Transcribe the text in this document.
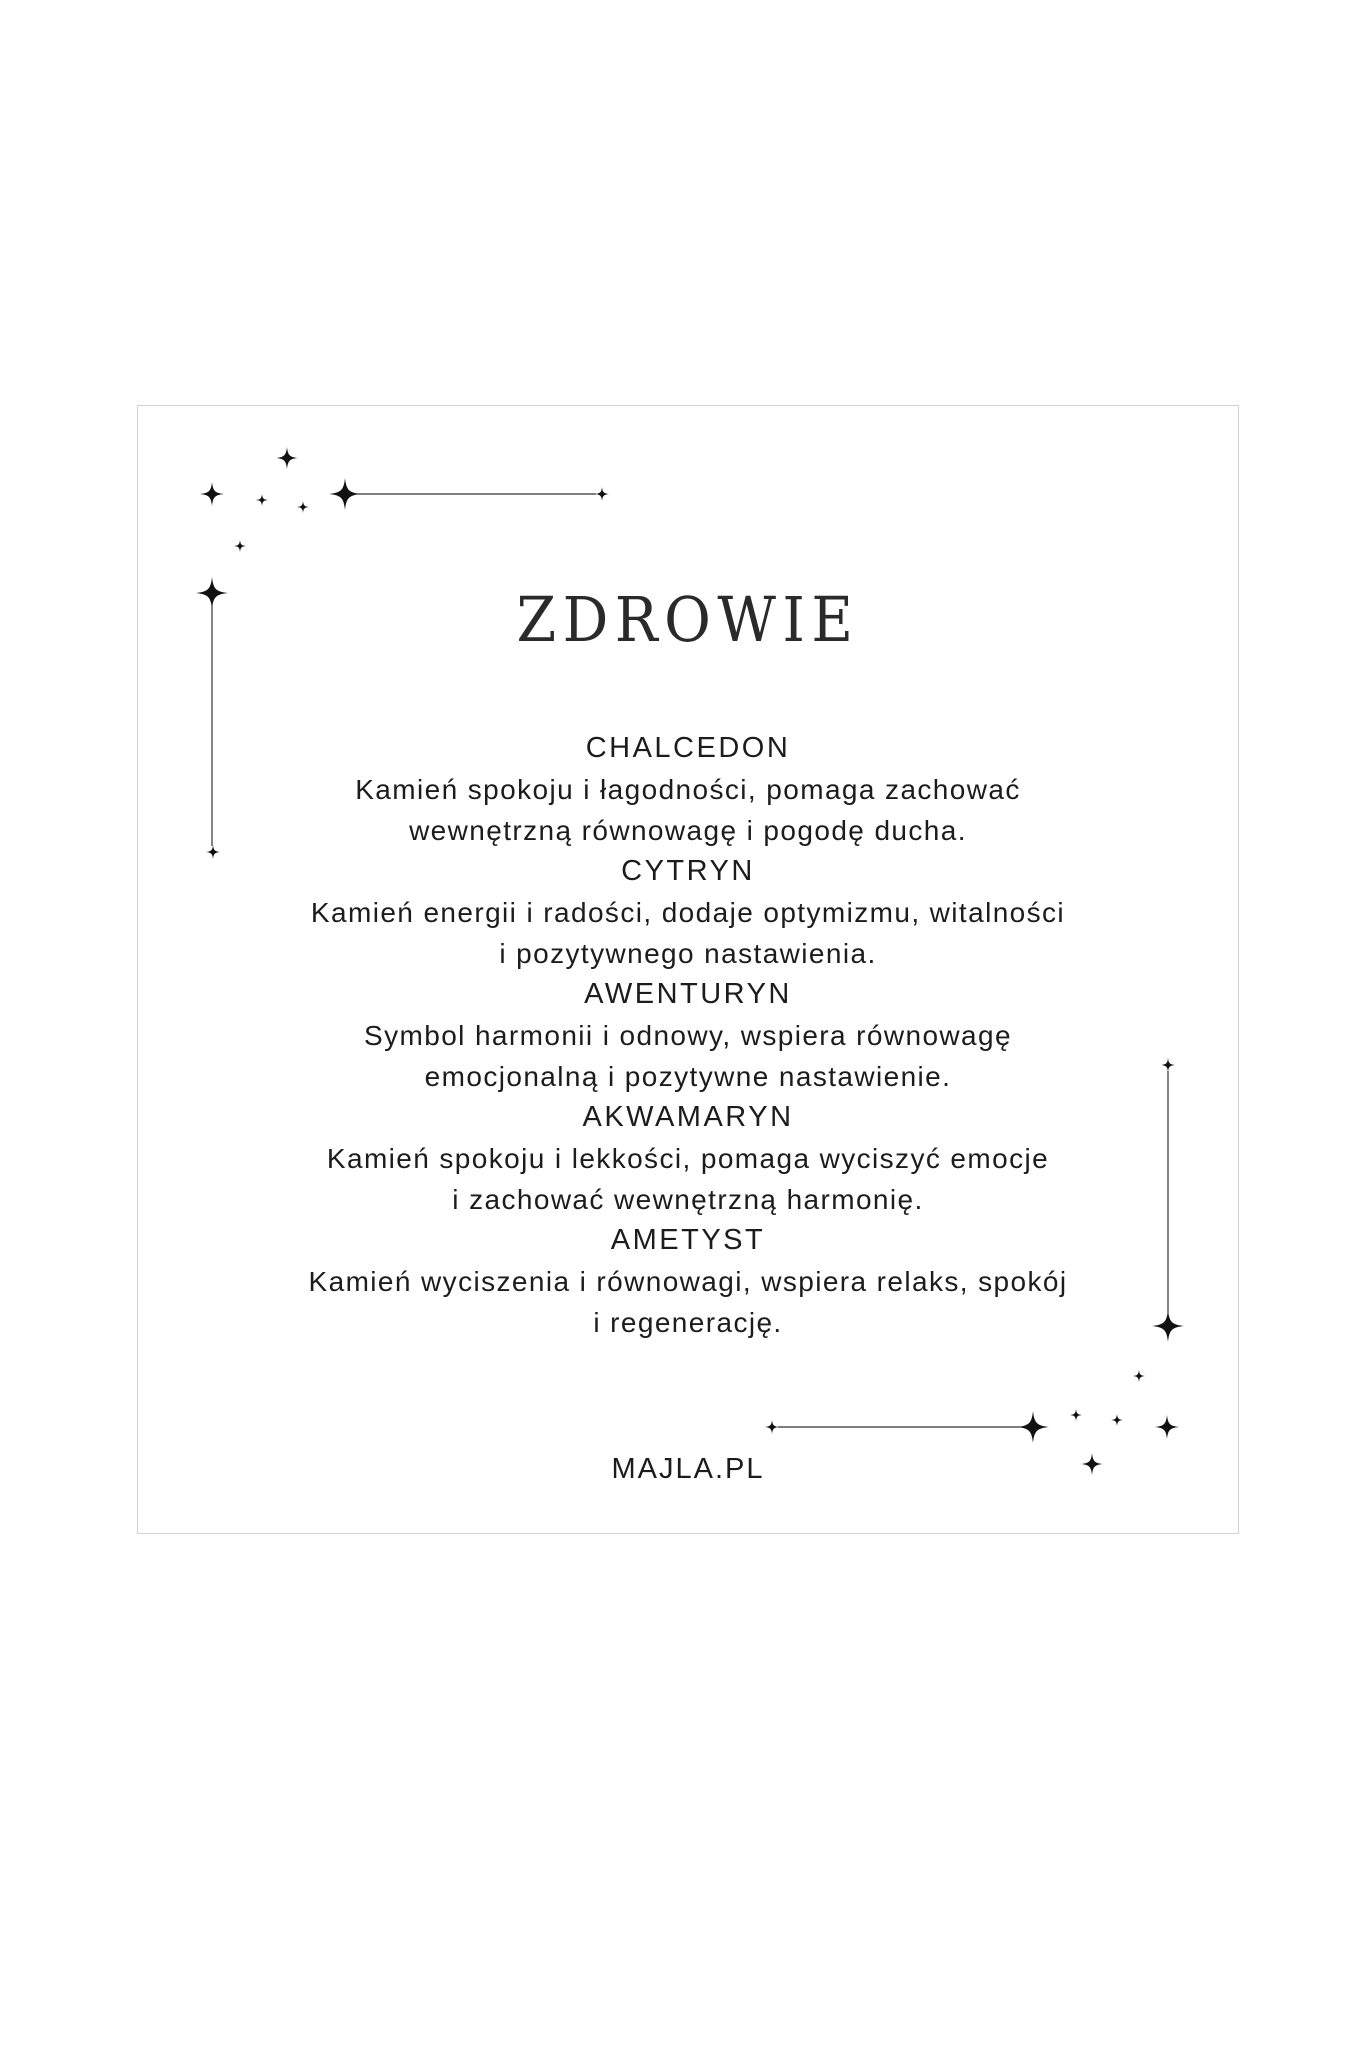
ZDROWIE
CHALCEDON
Kamień spokoju i łagodności, pomaga zachować
wewnętrzną równowagę i pogodę ducha.
CYTRYN
Kamień energii i radości, dodaje optymizmu, witalności
i pozytywnego nastawienia.
AWENTURYN
Symbol harmonii i odnowy, wspiera równowagę
emocjonalną i pozytywne nastawienie.
AKWAMARYN
Kamień spokoju i lekkości, pomaga wyciszyć emocje
i zachować wewnętrzną harmonię.
AMETYST
Kamień wyciszenia i równowagi, wspiera relaks, spokój
i regenerację.
MAJLA.PL
